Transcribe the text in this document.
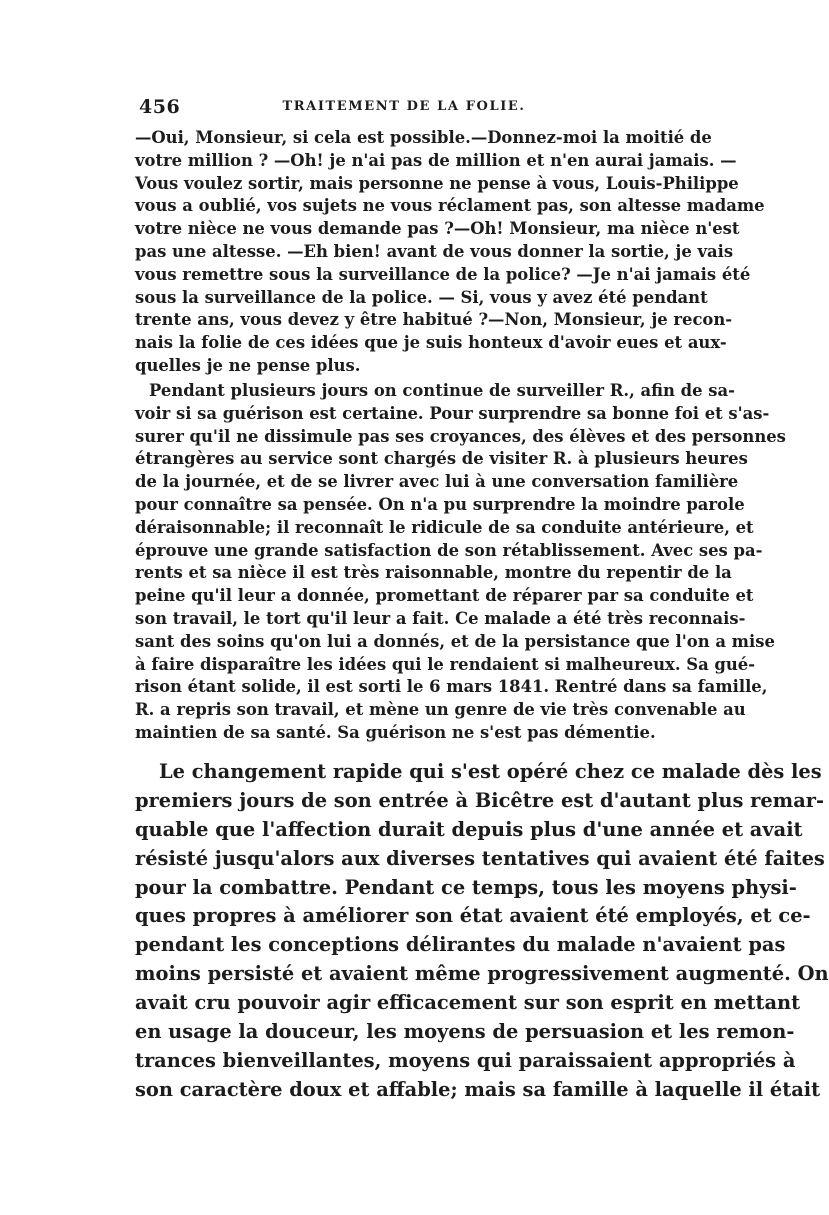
456	TRAITEMENT DE LA FOLIE.
—Oui, Monsieur, si cela est possible.—Donnez-moi la moitié de
votre million ? —Oh! je n'ai pas de million et n'en aurai jamais. —
Vous voulez sortir, mais personne ne pense à vous, Louis-Philippe
vous a oublié, vos sujets ne vous réclament pas, son altesse madame
votre nièce ne vous demande pas ?—Oh! Monsieur, ma nièce n'est
pas une altesse. —Eh bien! avant de vous donner la sortie, je vais
vous remettre sous la surveillance de la police? —Je n'ai jamais été
sous la surveillance de la police. — Si, vous y avez été pendant
trente ans, vous devez y être habitué ?—Non, Monsieur, je recon-
nais la folie de ces idées que je suis honteux d'avoir eues et aux-
quelles je ne pense plus.
Pendant plusieurs jours on continue de surveiller R., afin de sa-
voir si sa guérison est certaine. Pour surprendre sa bonne foi et s'as-
surer qu'il ne dissimule pas ses croyances, des élèves et des personnes
étrangères au service sont chargés de visiter R. à plusieurs heures
de la journée, et de se livrer avec lui à une conversation familière
pour connaître sa pensée. On n'a pu surprendre la moindre parole
déraisonnable; il reconnaît le ridicule de sa conduite antérieure, et
éprouve une grande satisfaction de son rétablissement. Avec ses pa-
rents et sa nièce il est très raisonnable, montre du repentir de la
peine qu'il leur a donnée, promettant de réparer par sa conduite et
son travail, le tort qu'il leur a fait. Ce malade a été très reconnais-
sant des soins qu'on lui a donnés, et de la persistance que l'on a mise
à faire disparaître les idées qui le rendaient si malheureux. Sa gué-
rison étant solide, il est sorti le 6 mars 1841. Rentré dans sa famille,
R. a repris son travail, et mène un genre de vie très convenable au
maintien de sa santé. Sa guérison ne s'est pas démentie.
Le changement rapide qui s'est opéré chez ce malade dès les
premiers jours de son entrée à Bicêtre est d'autant plus remar-
quable que l'affection durait depuis plus d'une année et avait
résisté jusqu'alors aux diverses tentatives qui avaient été faites
pour la combattre. Pendant ce temps, tous les moyens physi-
ques propres à améliorer son état avaient été employés, et ce-
pendant les conceptions délirantes du malade n'avaient pas
moins persisté et avaient même progressivement augmenté. On
avait cru pouvoir agir efficacement sur son esprit en mettant
en usage la douceur, les moyens de persuasion et les remon-
trances bienveillantes, moyens qui paraissaient appropriés à
son caractère doux et affable; mais sa famille à laquelle il était
